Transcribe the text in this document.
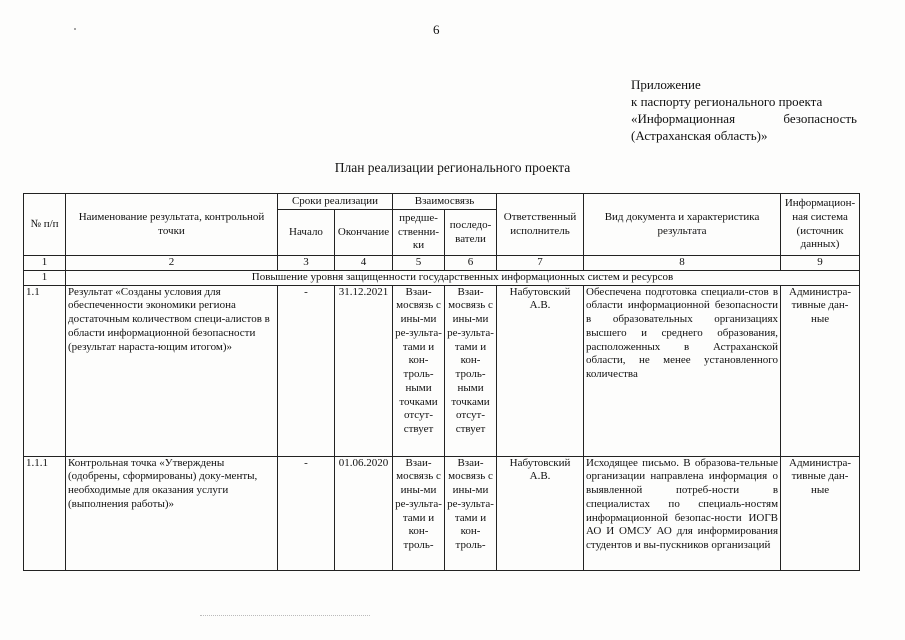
6
Приложение
к паспорту регионального проекта
«Информационная безопасность
(Астраханская область)»
План реализации регионального проекта
№ п/п	Наименование результата, контрольной точки	Сроки реализации		Взаимосвязь		Ответственный исполнитель	Вид документа и характеристика результата	Информацион-ная система (источник данных)
		Начало	Окончание	предше-ственни-ки	последо-ватели			
1	2	3	4	5	6	7	8	9
1	Повышение уровня защищенности государственных информационных систем и ресурсов							
1.1	Результат «Созданы условия для обеспеченности экономики региона достаточным количеством специ-алистов в области информационной безопасности (результат нараста-ющим итогом)»	-	31.12.2021	Взаи-мосвязь с ины-ми ре-зульта-тами и кон-троль-ными точками отсут-ствует	Взаи-мосвязь с ины-ми ре-зульта-тами и кон-троль-ными точками отсут-ствует	Набутовский А.В.	Обеспечена подготовка специали-стов в области информационной безопасности в образовательных организациях высшего и среднего образования, расположенных в Астраханской области, не менее установленного количества	Администра-тивные дан-ные
1.1.1	Контрольная точка «Утверждены (одобрены, сформированы) доку-менты, необходимые для оказания услуги (выполнения работы)»	-	01.06.2020	Взаи-мосвязь с ины-ми ре-зульта-тами и кон-троль-	Взаи-мосвязь с ины-ми ре-зульта-тами и кон-троль-	Набутовский А.В.	Исходящее письмо. В образова-тельные организации направлена информация о выявленной потреб-ности в специалистах по специаль-ностям информационной безопас-ности ИОГВ АО И ОМСУ АО для информирования студентов и вы-пускников организаций	Администра-тивные дан-ные
